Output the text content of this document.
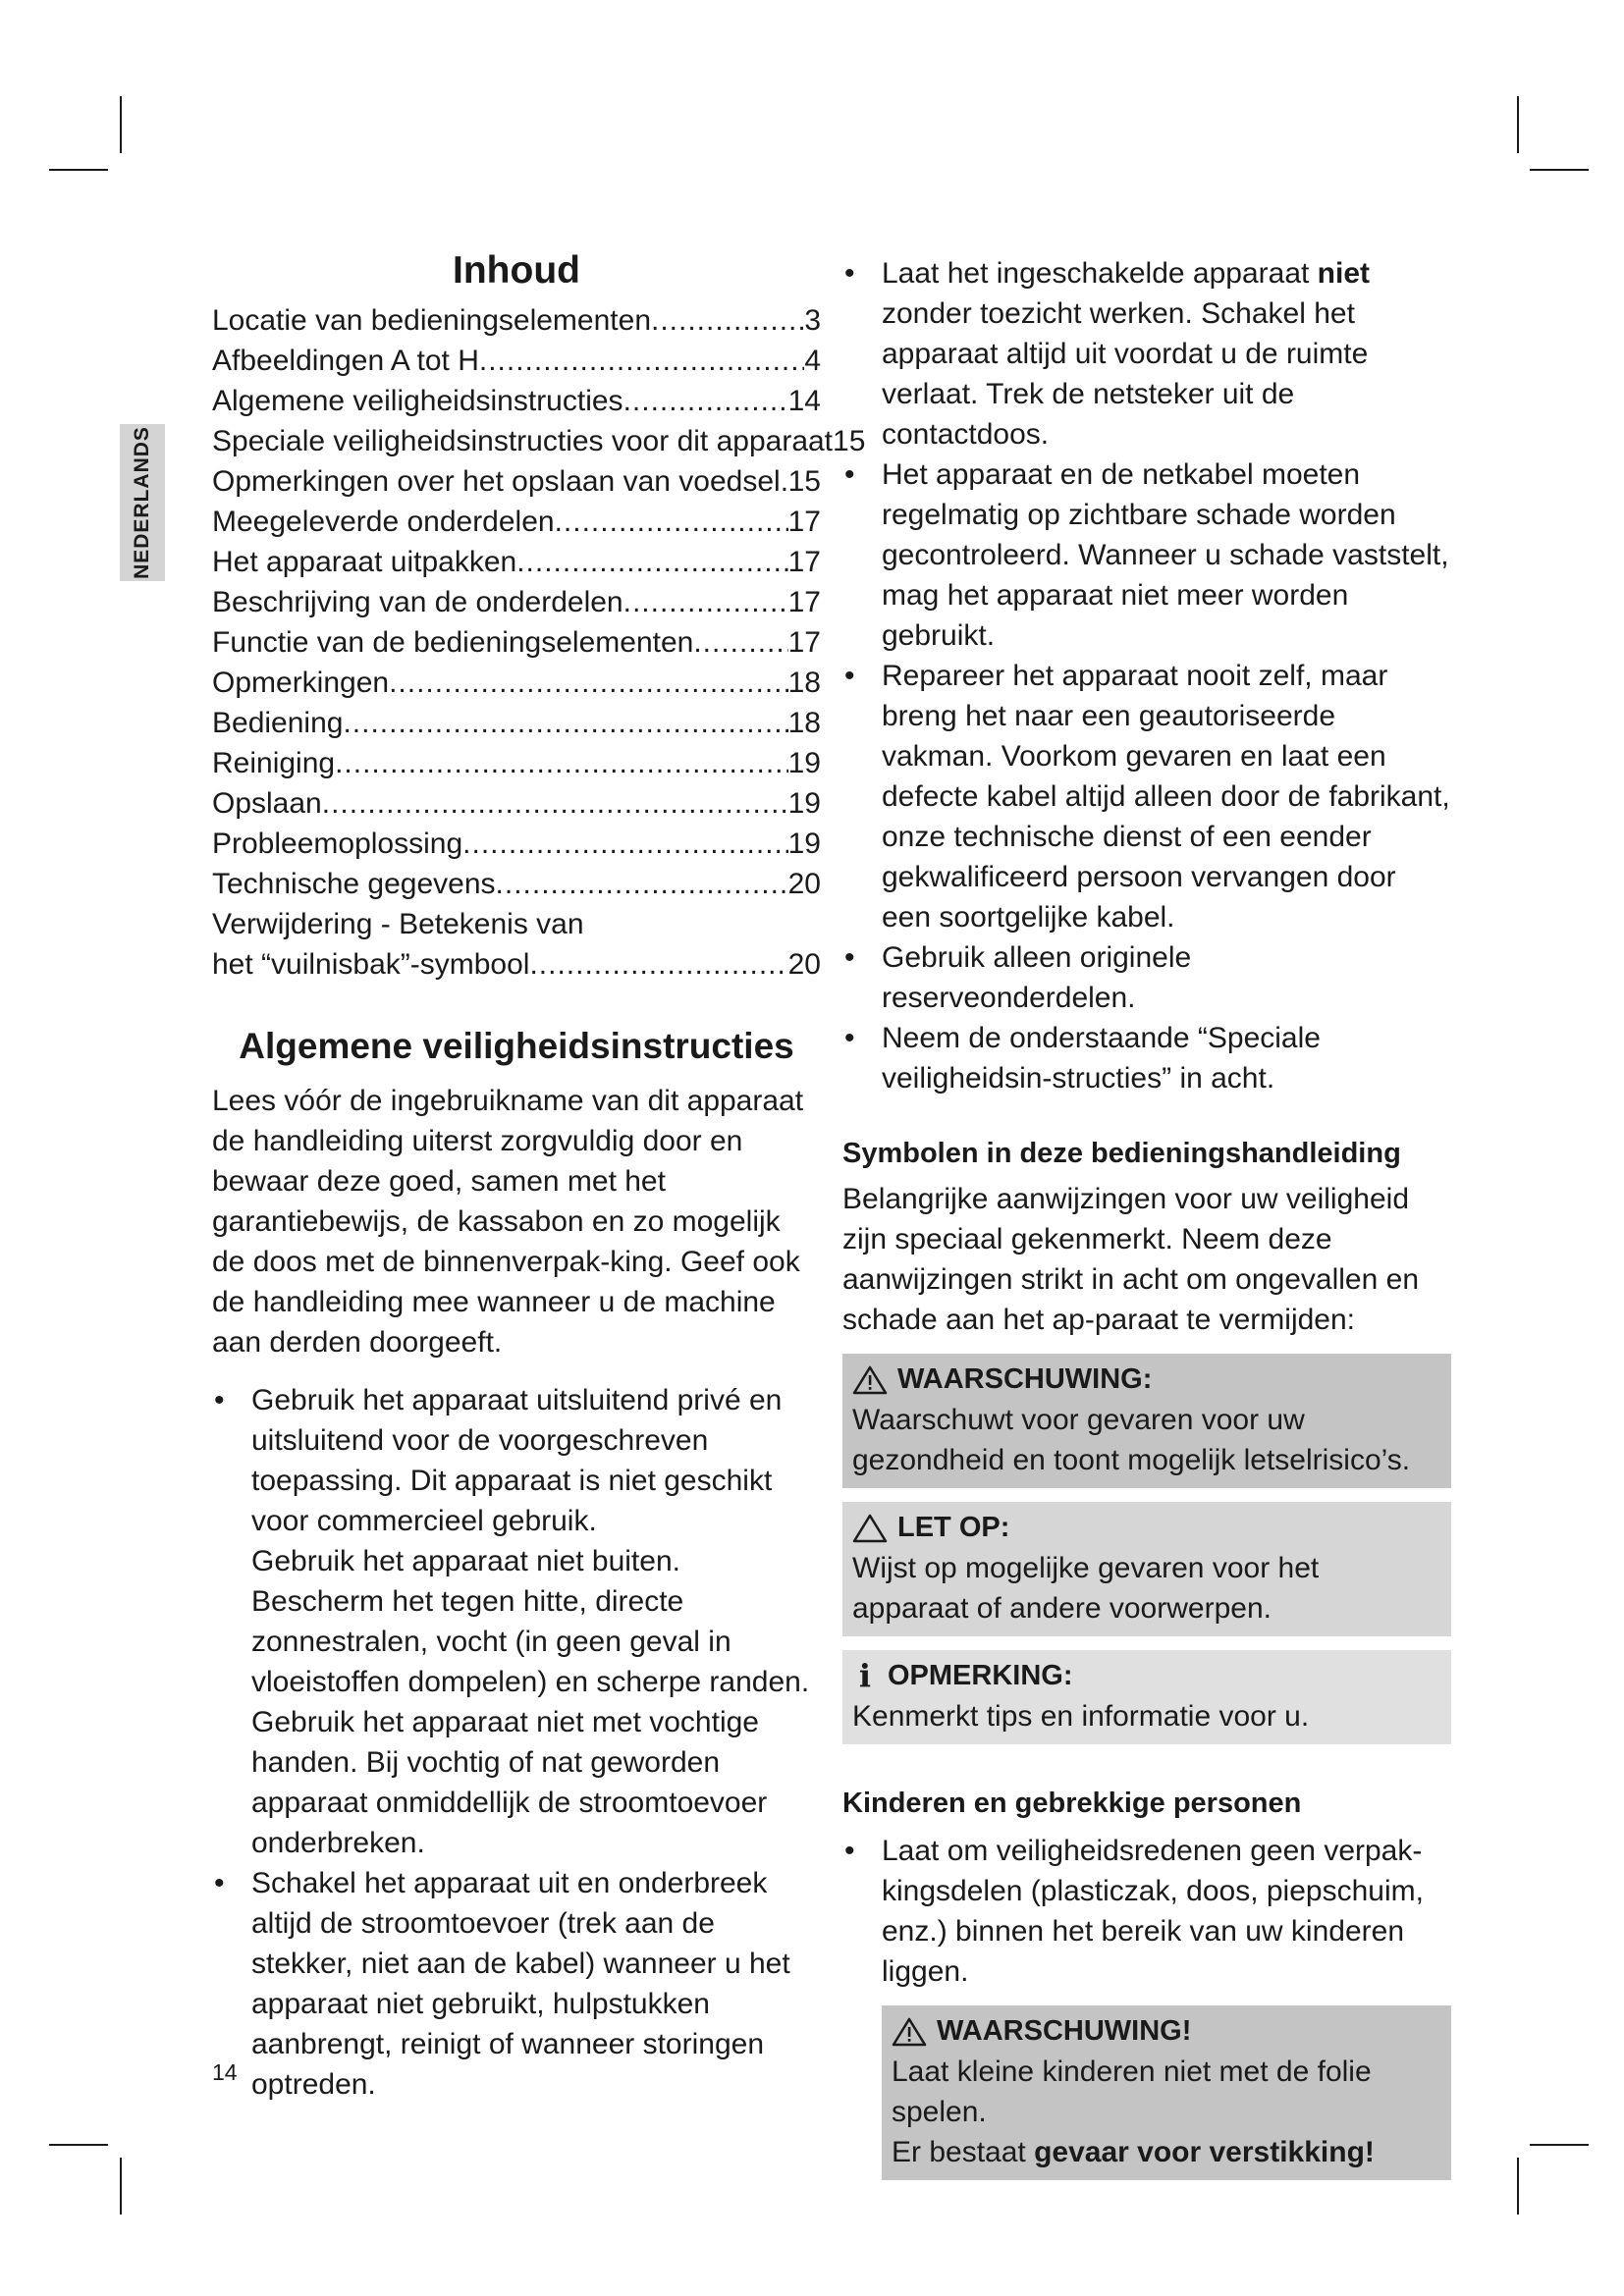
NEDERLANDS
Inhoud
Locatie van bedieningselementen .....	3
Afbeeldingen A tot H .....	4
Algemene veiligheidsinstructies .....	14
Speciale veiligheidsinstructies voor dit apparaat 15
Opmerkingen over het opslaan van voedsel ..... 15
Meegeleverde onderdelen .....	17
Het apparaat uitpakken .....	17
Beschrijving van de onderdelen .....	17
Functie van de bedieningselementen .....	17
Opmerkingen .....	18
Bediening .....	18
Reiniging .....	19
Opslaan .....	19
Probleemoplossing .....	19
Technische gegevens .....	20
Verwijdering - Betekenis van
het “vuilnisbak”-symbool .....	20
Algemene veiligheidsinstructies

Lees vóór de ingebruikname van dit apparaat de handleiding uiterst zorgvuldig door en bewaar deze goed, samen met het garantiebewijs, de kassabon en zo mogelijk de doos met de binnenverpak-king. Geef ook de handleiding mee wanneer u de machine aan derden doorgeeft.

• Gebruik het apparaat uitsluitend privé en uitsluitend voor de voorgeschreven toepassing. Dit apparaat is niet geschikt voor commercieel gebruik.
Gebruik het apparaat niet buiten. Bescherm het tegen hitte, directe zonnestralen, vocht (in geen geval in vloeistoffen dompelen) en scherpe randen. Gebruik het apparaat niet met vochtige handen. Bij vochtig of nat geworden apparaat onmiddellijk de stroomtoevoer onderbreken.
• Schakel het apparaat uit en onderbreek altijd de stroomtoevoer (trek aan de stekker, niet aan de kabel) wanneer u het apparaat niet gebruikt, hulpstukken aanbrengt, reinigt of wanneer storingen optreden.
• Laat het ingeschakelde apparaat niet zonder toezicht werken. Schakel het apparaat altijd uit voordat u de ruimte verlaat. Trek de netsteker uit de contactdoos.
• Het apparaat en de netkabel moeten regelmatig op zichtbare schade worden gecontroleerd. Wanneer u schade vaststelt, mag het apparaat niet meer worden gebruikt.
• Repareer het apparaat nooit zelf, maar breng het naar een geautoriseerde vakman. Voorkom gevaren en laat een defecte kabel altijd alleen door de fabrikant, onze technische dienst of een eender gekwalificeerd persoon vervangen door een soortgelijke kabel.
• Gebruik alleen originele reserveonderdelen.
• Neem de onderstaande “Speciale veiligheidsin-structies” in acht.
Symbolen in deze bedieningshandleiding

Belangrijke aanwijzingen voor uw veiligheid zijn speciaal gekenmerkt. Neem deze aanwijzingen strikt in acht om ongevallen en schade aan het ap-paraat te vermijden:

WAARSCHUWING:
Waarschuwt voor gevaren voor uw gezondheid en toont mogelijk letselrisico’s.
LET OP:
Wijst op mogelijke gevaren voor het apparaat of andere voorwerpen.
i OPMERKING:
Kenmerkt tips en informatie voor u.
Kinderen en gebrekkige personen
• Laat om veiligheidsredenen geen verpak-kingsdelen (plasticzak, doos, piepschuim, enz.) binnen het bereik van uw kinderen liggen.
WAARSCHUWING!
Laat kleine kinderen niet met de folie spelen.
Er bestaat gevaar voor verstikking!
14
